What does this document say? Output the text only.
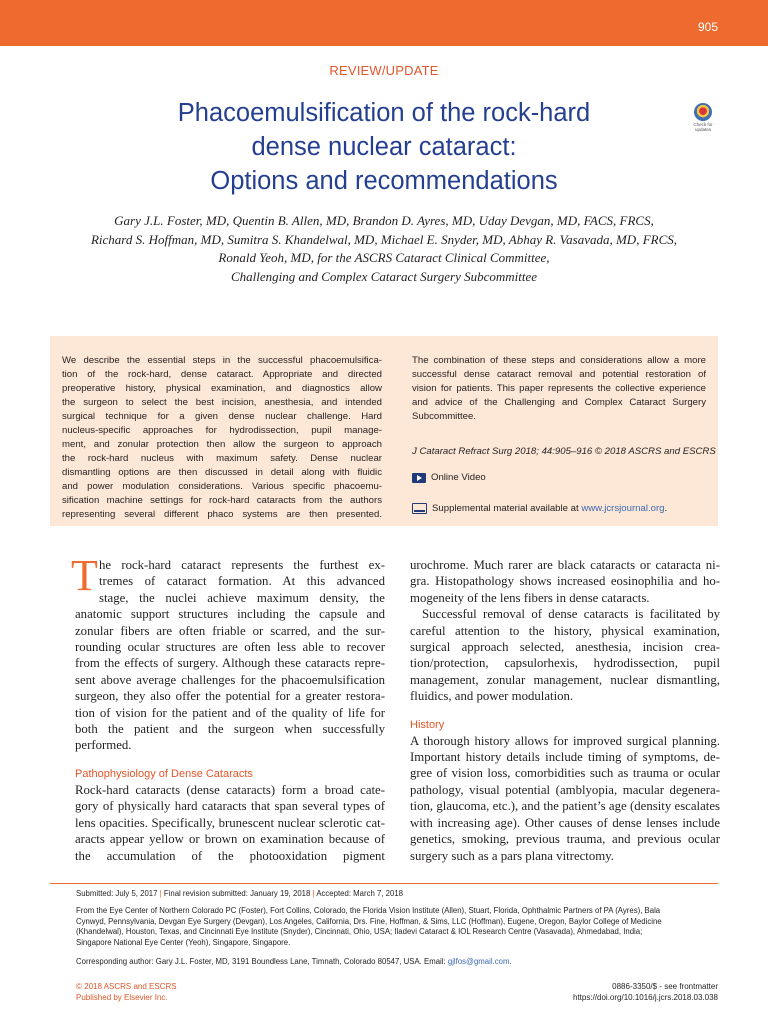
905
REVIEW/UPDATE
Phacoemulsification of the rock-hard
dense nuclear cataract:
Options and recommendations
Check for
updates
Gary J.L. Foster, MD, Quentin B. Allen, MD, Brandon D. Ayres, MD, Uday Devgan, MD, FACS, FRCS,
Richard S. Hoffman, MD, Sumitra S. Khandelwal, MD, Michael E. Snyder, MD, Abhay R. Vasavada, MD, FRCS,
Ronald Yeoh, MD, for the ASCRS Cataract Clinical Committee,
Challenging and Complex Cataract Surgery Subcommittee
We describe the essential steps in the successful phacoemulsifica-
tion of the rock-hard, dense cataract. Appropriate and directed
preoperative history, physical examination, and diagnostics allow
the surgeon to select the best incision, anesthesia, and intended
surgical technique for a given dense nuclear challenge. Hard
nucleus-specific approaches for hydrodissection, pupil manage-
ment, and zonular protection then allow the surgeon to approach
the rock-hard nucleus with maximum safety. Dense nuclear
dismantling options are then discussed in detail along with fluidic
and power modulation considerations. Various specific phacoemu-
sification machine settings for rock-hard cataracts from the authors
representing several different phaco systems are then presented.
The combination of these steps and considerations allow a more
successful dense cataract removal and potential restoration of
vision for patients. This paper represents the collective experience
and advice of the Challenging and Complex Cataract Surgery
Subcommittee.
J Cataract Refract Surg 2018; 44:905–916 © 2018 ASCRS and ESCRS
Online Video
Supplemental material available at www.jcrsjournal.org.
T he rock-hard cataract represents the furthest ex-
tremes of cataract formation. At this advanced
stage, the nuclei achieve maximum density, the
anatomic support structures including the capsule and
zonular fibers are often friable or scarred, and the sur-
rounding ocular structures are often less able to recover
from the effects of surgery. Although these cataracts repre-
sent above average challenges for the phacoemulsification
surgeon, they also offer the potential for a greater restora-
tion of vision for the patient and of the quality of life for
both the patient and the surgeon when successfully
performed.
Pathophysiology of Dense Cataracts
Rock-hard cataracts (dense cataracts) form a broad cate-
gory of physically hard cataracts that span several types of
lens opacities. Specifically, brunescent nuclear sclerotic cat-
aracts appear yellow or brown on examination because of
the accumulation of the photooxidation pigment
urochrome. Much rarer are black cataracts or cataracta ni-
gra. Histopathology shows increased eosinophilia and ho-
mogeneity of the lens fibers in dense cataracts.
Successful removal of dense cataracts is facilitated by
careful attention to the history, physical examination,
surgical approach selected, anesthesia, incision crea-
tion/protection, capsulorhexis, hydrodissection, pupil
management, zonular management, nuclear dismantling,
fluidics, and power modulation.
History
A thorough history allows for improved surgical planning.
Important history details include timing of symptoms, de-
gree of vision loss, comorbidities such as trauma or ocular
pathology, visual potential (amblyopia, macular degenera-
tion, glaucoma, etc.), and the patient’s age (density escalates
with increasing age). Other causes of dense lenses include
genetics, smoking, previous trauma, and previous ocular
surgery such as a pars plana vitrectomy.
Submitted: July 5, 2017 | Final revision submitted: January 19, 2018 | Accepted: March 7, 2018
From the Eye Center of Northern Colorado PC (Foster), Fort Collins, Colorado, the Florida Vision Institute (Allen), Stuart, Florida, Ophthalmic Partners of PA (Ayres), Bala
Cynwyd, Pennsylvania, Devgan Eye Surgery (Devgan), Los Angeles, California, Drs. Fine, Hoffman, & Sims, LLC (Hoffman), Eugene, Oregon, Baylor College of Medicine
(Khandelwal), Houston, Texas, and Cincinnati Eye Institute (Snyder), Cincinnati, Ohio, USA; Iladevi Cataract & IOL Research Centre (Vasavada), Ahmedabad, India;
Singapore National Eye Center (Yeoh), Singapore, Singapore.
Corresponding author: Gary J.L. Foster, MD, 3191 Boundless Lane, Timnath, Colorado 80547, USA. Email: gjlfos@gmail.com.
© 2018 ASCRS and ESCRS
Published by Elsevier Inc.
0886-3350/$ - see frontmatter
https://doi.org/10.1016/j.jcrs.2018.03.038
